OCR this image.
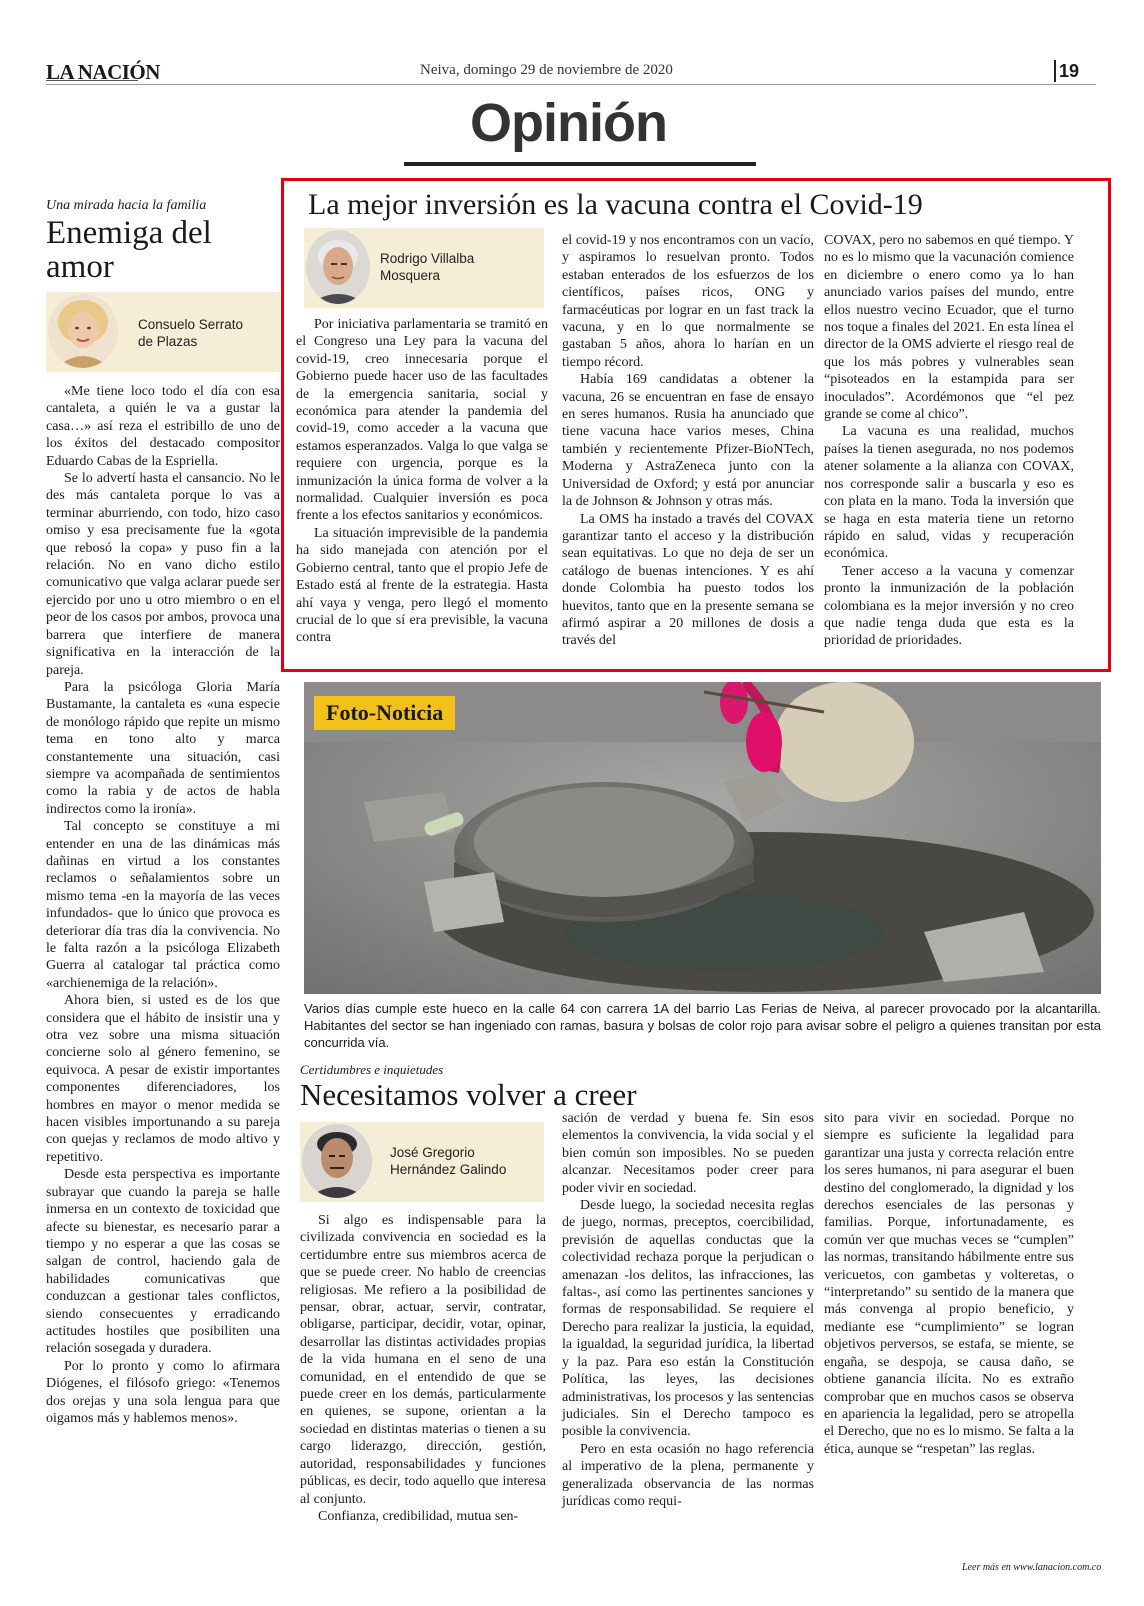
LA NACIÓN	Neiva, domingo 29 de noviembre de 2020	19
Opinión
Una mirada hacia la familia
Enemiga del
amor
Consuelo Serrato
de Plazas

«Me tiene loco todo el día con esa cantaleta, a quién le va a gustar la casa…» así reza el estribillo de uno de los éxitos del destacado compositor Eduardo Cabas de la Espriella.

Se lo advertí hasta el cansancio. No le des más cantaleta porque lo vas a terminar aburriendo, con todo, hizo caso omiso y esa precisamente fue la «gota que rebosó la copa» y puso fin a la relación. No en vano dicho estilo comunicativo que valga aclarar puede ser ejercido por uno u otro miembro o en el peor de los casos por ambos, provoca una barrera que interfiere de manera significativa en la interacción de la pareja.

Para la psicóloga Gloria María Bustamante, la cantaleta es «una especie de monólogo rápido que repite un mismo tema en tono alto y marca constantemente una situación, casi siempre va acompañada de sentimientos como la rabia y de actos de habla indirectos como la ironía».

Tal concepto se constituye a mi entender en una de las dinámicas más dañinas en virtud a los constantes reclamos o señalamientos sobre un mismo tema -en la mayoría de las veces infundados- que lo único que provoca es deteriorar día tras día la convivencia. No le falta razón a la psicóloga Elizabeth Guerra al catalogar tal práctica como «archienemiga de la relación».

Ahora bien, si usted es de los que considera que el hábito de insistir una y otra vez sobre una misma situación concierne solo al género femenino, se equivoca. A pesar de existir importantes componentes diferenciadores, los hombres en mayor o menor medida se hacen visibles importunando a su pareja con quejas y reclamos de modo altivo y repetitivo.

Desde esta perspectiva es importante subrayar que cuando la pareja se halle inmersa en un contexto de toxicidad que afecte su bienestar, es necesario parar a tiempo y no esperar a que las cosas se salgan de control, haciendo gala de habilidades comunicativas que conduzcan a gestionar tales conflictos, siendo consecuentes y erradicando actitudes hostiles que posibiliten una relación sosegada y duradera.

Por lo pronto y como lo afirmara Diógenes, el filósofo griego: «Tenemos dos orejas y una sola lengua para que oigamos más y hablemos menos».

La mejor inversión es la vacuna contra el Covid-19
Rodrigo Villalba
Mosquera

Por iniciativa parlamentaria se tramitó en el Congreso una Ley para la vacuna del covid-19, creo innecesaria porque el Gobierno puede hacer uso de las facultades de la emergencia sanitaria, social y económica para atender la pandemia del covid-19, como acceder a la vacuna que estamos esperanzados. Valga lo que valga se requiere con urgencia, porque es la inmunización la única forma de volver a la normalidad. Cualquier inversión es poca frente a los efectos sanitarios y económicos.

La situación imprevisible de la pandemia ha sido manejada con atención por el Gobierno central, tanto que el propio Jefe de Estado está al frente de la estrategia. Hasta ahí vaya y venga, pero llegó el momento crucial de lo que sí era previsible, la vacuna contra

el covid-19 y nos encontramos con un vacío, y aspiramos lo resuelvan pronto. Todos estaban enterados de los esfuerzos de los científicos, países ricos, ONG y farmacéuticas por lograr en un fast track la vacuna, y en lo que normalmente se gastaban 5 años, ahora lo harían en un tiempo récord.

Había 169 candidatas a obtener la vacuna, 26 se encuentran en fase de ensayo en seres humanos. Rusia ha anunciado que tiene vacuna hace varios meses, China también y recientemente Pfizer-BioNTech, Moderna y AstraZeneca junto con la Universidad de Oxford; y está por anunciar la de Johnson & Johnson y otras más.

La OMS ha instado a través del COVAX garantizar tanto el acceso y la distribución sean equitativas. Lo que no deja de ser un catálogo de buenas intenciones. Y es ahí donde Colombia ha puesto todos los huevitos, tanto que en la presente semana se afirmó aspirar a 20 millones de dosis a través del

COVAX, pero no sabemos en qué tiempo. Y no es lo mismo que la vacunación comience en diciembre o enero como ya lo han anunciado varios países del mundo, entre ellos nuestro vecino Ecuador, que el turno nos toque a finales del 2021. En esta línea el director de la OMS advierte el riesgo real de que los más pobres y vulnerables sean “pisoteados en la estampida para ser inoculados”. Acordémonos que “el pez grande se come al chico”.

La vacuna es una realidad, muchos países la tienen asegurada, no nos podemos atener solamente a la alianza con COVAX, nos corresponde salir a buscarla y eso es con plata en la mano. Toda la inversión que se haga en esta materia tiene un retorno rápido en salud, vidas y recuperación económica.

Tener acceso a la vacuna y comenzar pronto la inmunización de la población colombiana es la mejor inversión y no creo que nadie tenga duda que esta es la prioridad de prioridades.

Foto-Noticia
Varios días cumple este hueco en la calle 64 con carrera 1A del barrio Las Ferias de Neiva, al parecer provocado por la alcantarilla. Habitantes del sector se han ingeniado con ramas, basura y bolsas de color rojo para avisar sobre el peligro a quienes transitan por esta concurrida vía.
Certidumbres e inquietudes
Necesitamos volver a creer
José Gregorio
Hernández Galindo

Si algo es indispensable para la civilizada convivencia en sociedad es la certidumbre entre sus miembros acerca de que se puede creer. No hablo de creencias religiosas. Me refiero a la posibilidad de pensar, obrar, actuar, servir, contratar, obligarse, participar, decidir, votar, opinar, desarrollar las distintas actividades propias de la vida humana en el seno de una comunidad, en el entendido de que se puede creer en los demás, particularmente en quienes, se supone, orientan a la sociedad en distintas materias o tienen a su cargo liderazgo, dirección, gestión, autoridad, responsabilidades y funciones públicas, es decir, todo aquello que interesa al conjunto.

Confianza, credibilidad, mutua sen-

sación de verdad y buena fe. Sin esos elementos la convivencia, la vida social y el bien común son imposibles. No se pueden alcanzar. Necesitamos poder creer para poder vivir en sociedad.

Desde luego, la sociedad necesita reglas de juego, normas, preceptos, coercibilidad, previsión de aquellas conductas que la colectividad rechaza porque la perjudican o amenazan -los delitos, las infracciones, las faltas-, así como las pertinentes sanciones y formas de responsabilidad. Se requiere el Derecho para realizar la justicia, la equidad, la igualdad, la seguridad jurídica, la libertad y la paz. Para eso están la Constitución Política, las leyes, las decisiones administrativas, los procesos y las sentencias judiciales. Sin el Derecho tampoco es posible la convivencia.

Pero en esta ocasión no hago referencia al imperativo de la plena, permanente y generalizada observancia de las normas jurídicas como requi-

sito para vivir en sociedad. Porque no siempre es suficiente la legalidad para garantizar una justa y correcta relación entre los seres humanos, ni para asegurar el buen destino del conglomerado, la dignidad y los derechos esenciales de las personas y familias. Porque, infortunadamente, es común ver que muchas veces se “cumplen” las normas, transitando hábilmente entre sus vericuetos, con gambetas y volteretas, o “interpretando” su sentido de la manera que más convenga al propio beneficio, y mediante ese “cumplimiento” se logran objetivos perversos, se estafa, se miente, se engaña, se despoja, se causa daño, se obtiene ganancia ilícita. No es extraño comprobar que en muchos casos se observa en apariencia la legalidad, pero se atropella el Derecho, que no es lo mismo. Se falta a la ética, aunque se “respetan” las reglas.

Leer más en www.lanacion.com.co
